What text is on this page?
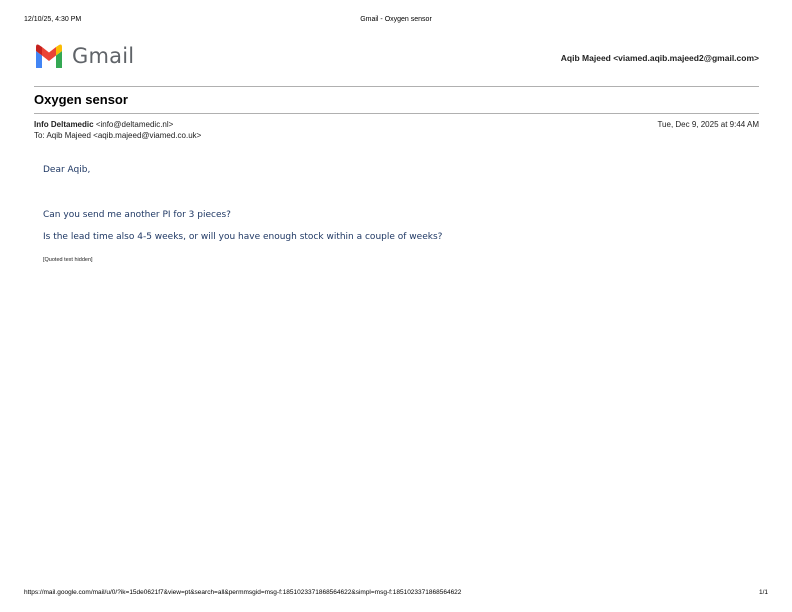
12/10/25, 4:30 PM	Gmail - Oxygen sensor
Gmail	Aqib Majeed <viamed.aqib.majeed2@gmail.com>
Oxygen sensor
Info Deltamedic <info@deltamedic.nl>	Tue, Dec 9, 2025 at 9:44 AM
To: Aqib Majeed <aqib.majeed@viamed.co.uk>
Dear Aqib,
Can you send me another PI for 3 pieces?
Is the lead time also 4-5 weeks, or will you have enough stock within a couple of weeks?
[Quoted text hidden]
https://mail.google.com/mail/u/0/?ik=15de0621f7&view=pt&search=all&permmsgid=msg-f:1851023371868564622&simpl=msg-f:1851023371868564622	1/1
